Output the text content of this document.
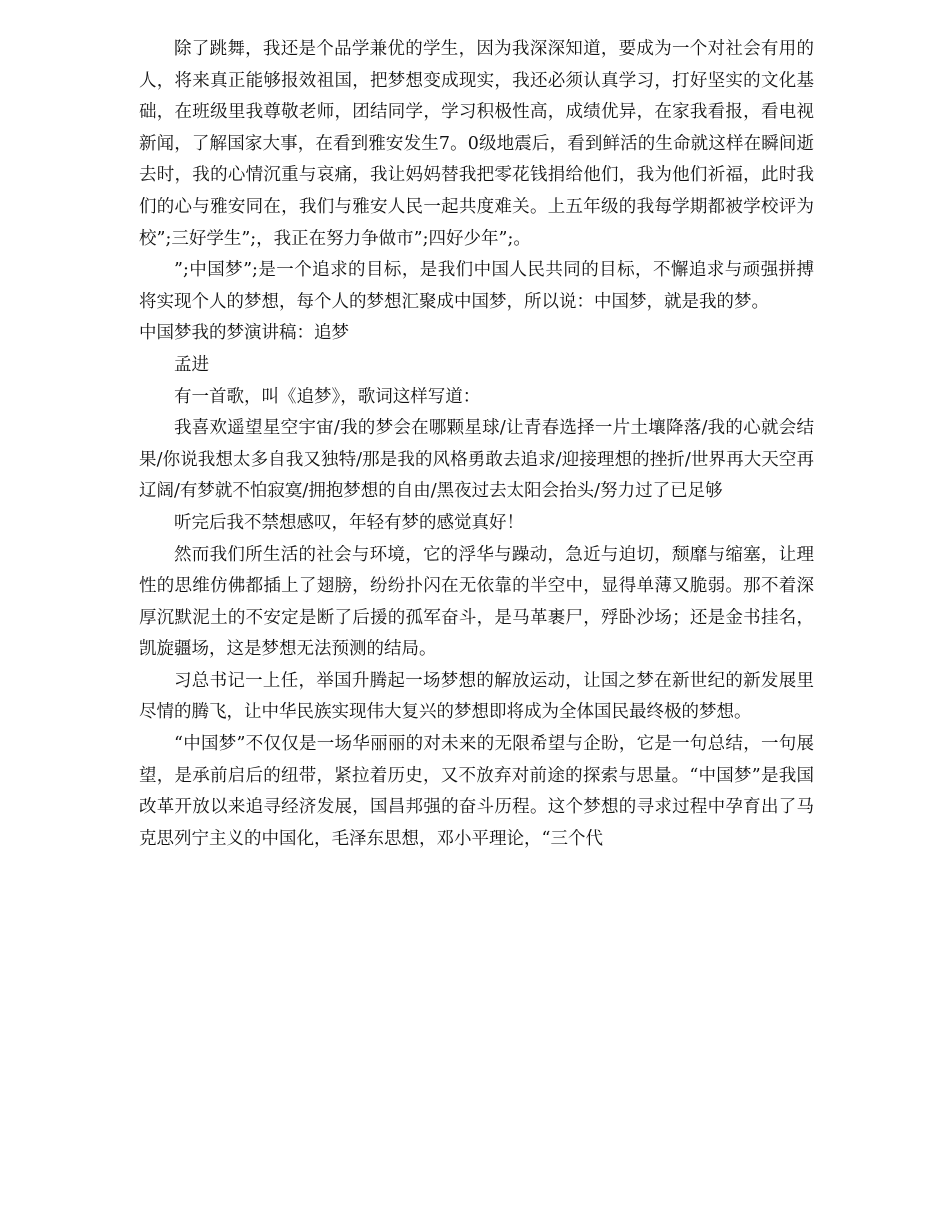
除了跳舞，我还是个品学兼优的学生，因为我深深知道，要成为一个对社会有用的人，将来真正能够报效祖国，把梦想变成现实，我还必须认真学习，打好坚实的文化基础，在班级里我尊敬老师，团结同学，学习积极性高，成绩优异，在家我看报，看电视新闻，了解国家大事，在看到雅安发生7。0级地震后，看到鲜活的生命就这样在瞬间逝去时，我的心情沉重与哀痛，我让妈妈替我把零花钱捐给他们，我为他们祈福，此时我们的心与雅安同在，我们与雅安人民一起共度难关。上五年级的我每学期都被学校评为校”;三好学生”;，我正在努力争做市”;四好少年”;。

”;中国梦”;是一个追求的目标，是我们中国人民共同的目标，不懈追求与顽强拼搏将实现个人的梦想，每个人的梦想汇聚成中国梦，所以说：中国梦，就是我的梦。

中国梦我的梦演讲稿：追梦

孟进

有一首歌，叫《追梦》，歌词这样写道：

我喜欢遥望星空宇宙/我的梦会在哪颗星球/让青春选择一片土壤降落/我的心就会结果/你说我想太多自我又独特/那是我的风格勇敢去追求/迎接理想的挫折/世界再大天空再辽阔/有梦就不怕寂寞/拥抱梦想的自由/黑夜过去太阳会抬头/努力过了已足够

听完后我不禁想感叹，年轻有梦的感觉真好！

然而我们所生活的社会与环境，它的浮华与躁动，急近与迫切，颓靡与缩塞，让理性的思维仿佛都插上了翅膀，纷纷扑闪在无依靠的半空中，显得单薄又脆弱。那不着深厚沉默泥土的不安定是断了后援的孤军奋斗，是马革裹尸，殍卧沙场；还是金书挂名，凯旋疆场，这是梦想无法预测的结局。

习总书记一上任，举国升腾起一场梦想的解放运动，让国之梦在新世纪的新发展里尽情的腾飞，让中华民族实现伟大复兴的梦想即将成为全体国民最终极的梦想。

“中国梦”不仅仅是一场华丽丽的对未来的无限希望与企盼，它是一句总结，一句展望，是承前启后的纽带，紧拉着历史，又不放弃对前途的探索与思量。“中国梦”是我国改革开放以来追寻经济发展，国昌邦强的奋斗历程。这个梦想的寻求过程中孕育出了马克思列宁主义的中国化，毛泽东思想，邓小平理论，“三个代
